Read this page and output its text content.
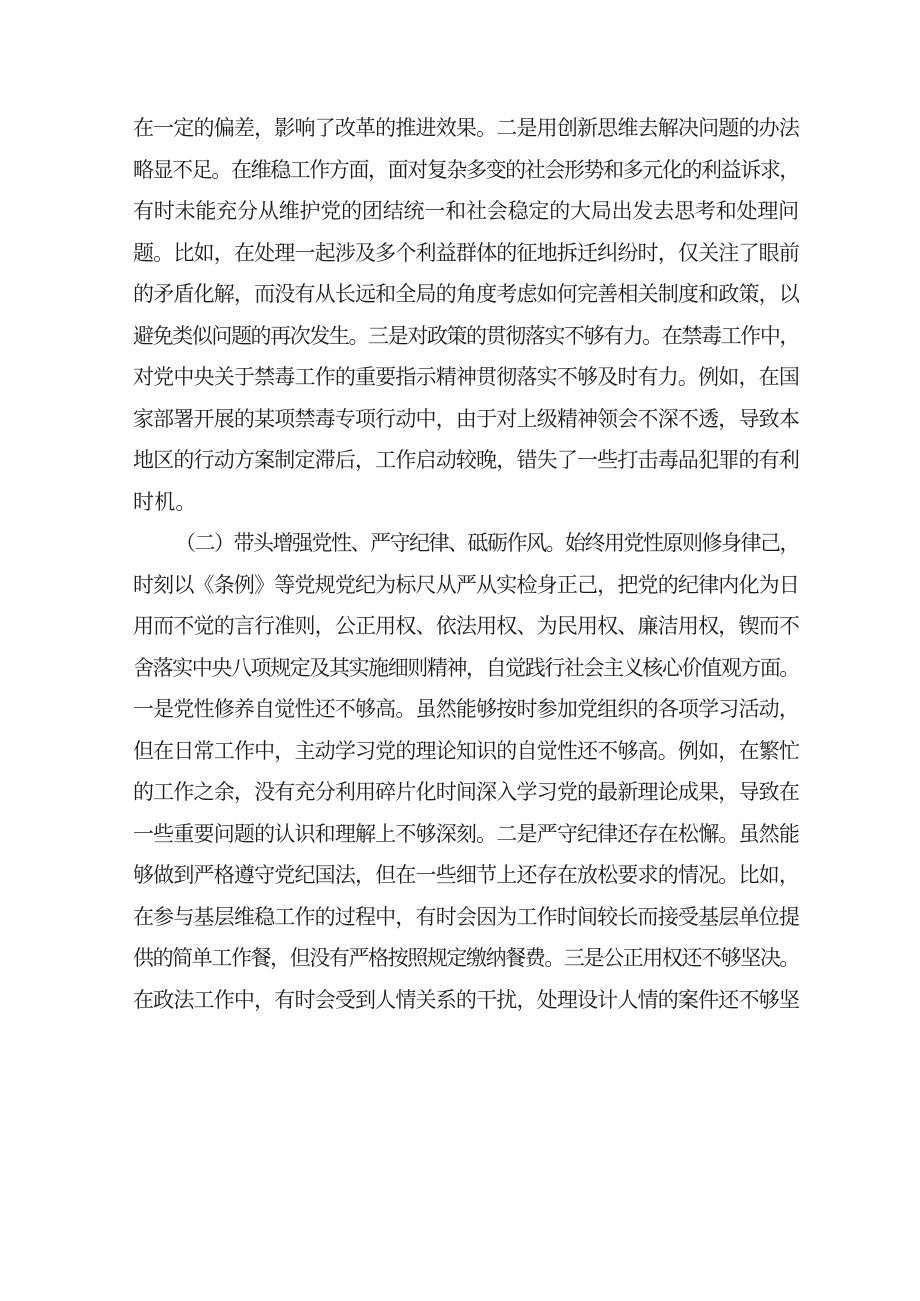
在一定的偏差，影响了改革的推进效果。二是用创新思维去解决问题的办法
略显不足。在维稳工作方面，面对复杂多变的社会形势和多元化的利益诉求，
有时未能充分从维护党的团结统一和社会稳定的大局出发去思考和处理问
题。比如，在处理一起涉及多个利益群体的征地拆迁纠纷时，仅关注了眼前
的矛盾化解，而没有从长远和全局的角度考虑如何完善相关制度和政策，以
避免类似问题的再次发生。三是对政策的贯彻落实不够有力。在禁毒工作中，
对党中央关于禁毒工作的重要指示精神贯彻落实不够及时有力。例如，在国
家部署开展的某项禁毒专项行动中，由于对上级精神领会不深不透，导致本
地区的行动方案制定滞后，工作启动较晚，错失了一些打击毒品犯罪的有利
时机。
（二）带头增强党性、严守纪律、砥砺作风。始终用党性原则修身律己，
时刻以《条例》等党规党纪为标尺从严从实检身正己，把党的纪律内化为日
用而不觉的言行准则，公正用权、依法用权、为民用权、廉洁用权，锲而不
舍落实中央八项规定及其实施细则精神，自觉践行社会主义核心价值观方面。
一是党性修养自觉性还不够高。虽然能够按时参加党组织的各项学习活动，
但在日常工作中，主动学习党的理论知识的自觉性还不够高。例如，在繁忙
的工作之余，没有充分利用碎片化时间深入学习党的最新理论成果，导致在
一些重要问题的认识和理解上不够深刻。二是严守纪律还存在松懈。虽然能
够做到严格遵守党纪国法，但在一些细节上还存在放松要求的情况。比如，
在参与基层维稳工作的过程中，有时会因为工作时间较长而接受基层单位提
供的简单工作餐，但没有严格按照规定缴纳餐费。三是公正用权还不够坚决。
在政法工作中，有时会受到人情关系的干扰，处理设计人情的案件还不够坚
